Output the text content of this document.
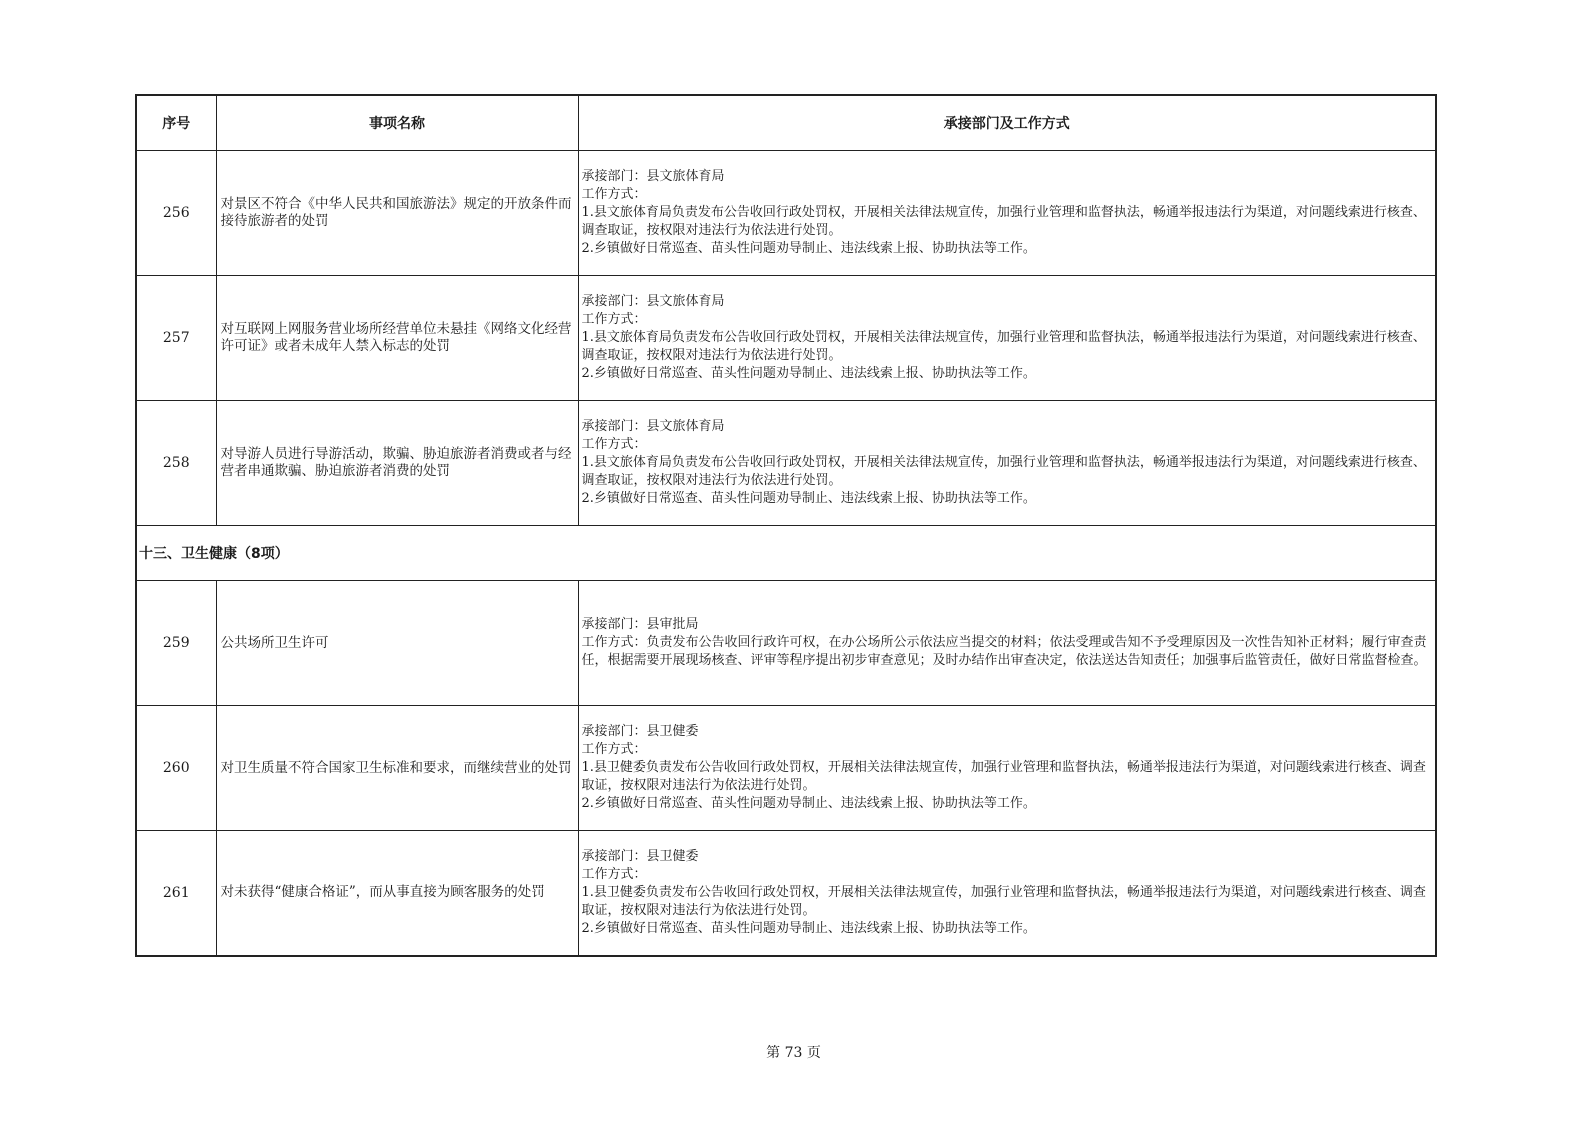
序号	事项名称	承接部门及工作方式
256	对景区不符合《中华人民共和国旅游法》规定的开放条件而接待旅游者的处罚	承接部门：县文旅体育局
工作方式：
1.县文旅体育局负责发布公告收回行政处罚权，开展相关法律法规宣传，加强行业管理和监督执法，畅通举报违法行为渠道，对问题线索进行核查、调查取证，按权限对违法行为依法进行处罚。
2.乡镇做好日常巡查、苗头性问题劝导制止、违法线索上报、协助执法等工作。

257	对互联网上网服务营业场所经营单位未悬挂《网络文化经营许可证》或者未成年人禁入标志的处罚	承接部门：县文旅体育局
工作方式：
1.县文旅体育局负责发布公告收回行政处罚权，开展相关法律法规宣传，加强行业管理和监督执法，畅通举报违法行为渠道，对问题线索进行核查、调查取证，按权限对违法行为依法进行处罚。
2.乡镇做好日常巡查、苗头性问题劝导制止、违法线索上报、协助执法等工作。

258	对导游人员进行导游活动，欺骗、胁迫旅游者消费或者与经营者串通欺骗、胁迫旅游者消费的处罚	承接部门：县文旅体育局
工作方式：
1.县文旅体育局负责发布公告收回行政处罚权，开展相关法律法规宣传，加强行业管理和监督执法，畅通举报违法行为渠道，对问题线索进行核查、调查取证，按权限对违法行为依法进行处罚。
2.乡镇做好日常巡查、苗头性问题劝导制止、违法线索上报、协助执法等工作。

十三、卫生健康（8项）		
259	公共场所卫生许可	承接部门：县审批局
工作方式：负责发布公告收回行政许可权，在办公场所公示依法应当提交的材料；依法受理或告知不予受理原因及一次性告知补正材料；履行审查责任，根据需要开展现场核查、评审等程序提出初步审查意见；及时办结作出审查决定，依法送达告知责任；加强事后监管责任，做好日常监督检查。

260	对卫生质量不符合国家卫生标准和要求，而继续营业的处罚	承接部门：县卫健委
工作方式：
1.县卫健委负责发布公告收回行政处罚权，开展相关法律法规宣传，加强行业管理和监督执法，畅通举报违法行为渠道，对问题线索进行核查、调查取证，按权限对违法行为依法进行处罚。
2.乡镇做好日常巡查、苗头性问题劝导制止、违法线索上报、协助执法等工作。

261	对未获得“健康合格证”，而从事直接为顾客服务的处罚	承接部门：县卫健委
工作方式：
1.县卫健委负责发布公告收回行政处罚权，开展相关法律法规宣传，加强行业管理和监督执法，畅通举报违法行为渠道，对问题线索进行核查、调查取证，按权限对违法行为依法进行处罚。
2.乡镇做好日常巡查、苗头性问题劝导制止、违法线索上报、协助执法等工作。
第 73 页
